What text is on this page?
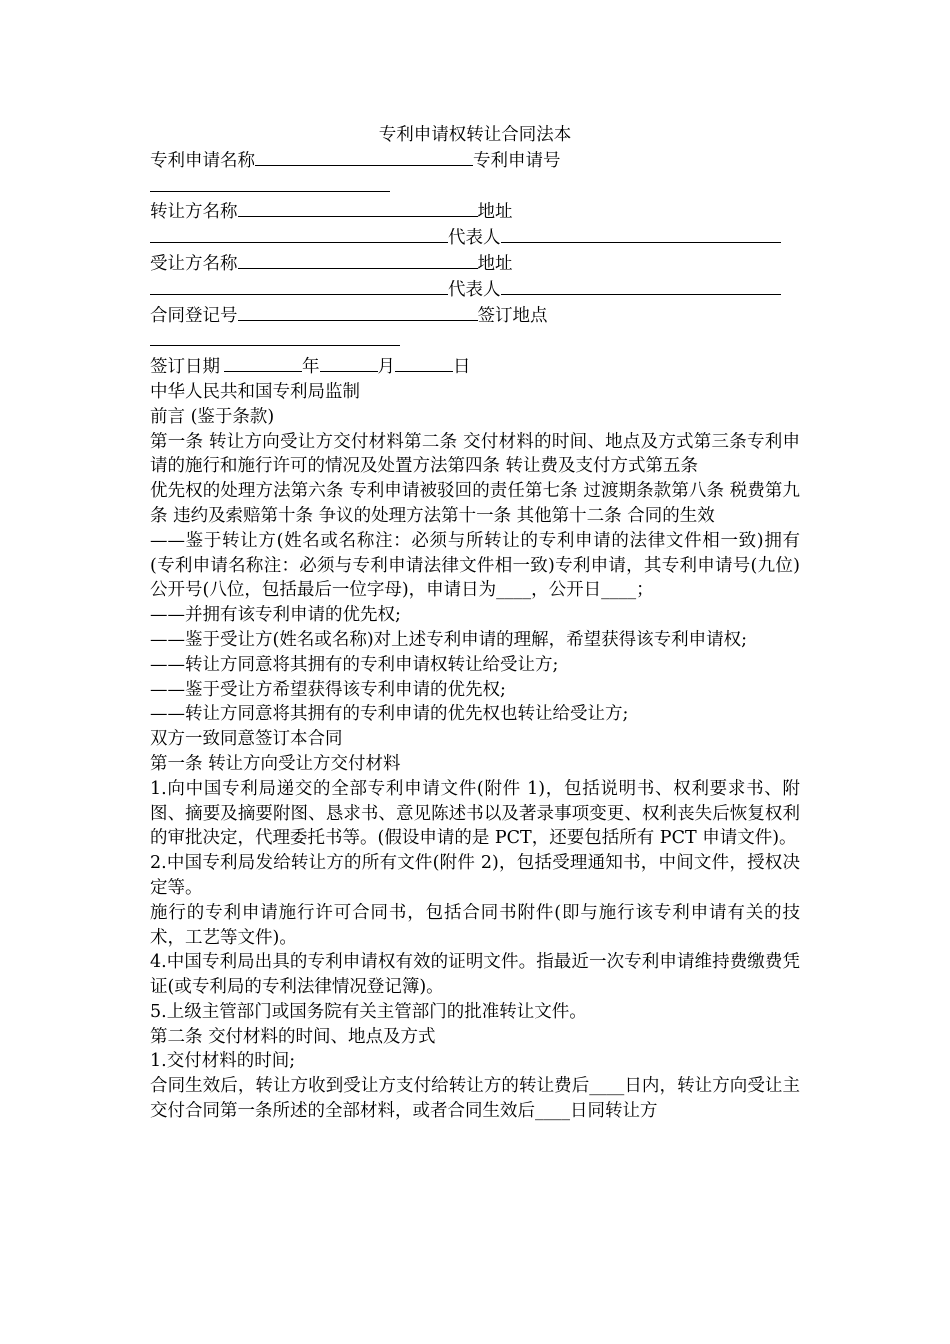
专利申请权转让合同法本
专利申请名称	专利申请号
转让方名称	地址
代表人
受让方名称	地址
代表人
合同登记号	签订地点
签订日期	年	月	日
中华人民共和国专利局监制
前言 (鉴于条款)
第一条 转让方向受让方交付材料第二条 交付材料的时间、地点及方式第三条专利申请的施行和施行许可的情况及处置方法第四条 转让费及支付方式第五条
优先权的处理方法第六条 专利申请被驳回的责任第七条 过渡期条款第八条 税费第九条 违约及索赔第十条 争议的处理方法第十一条 其他第十二条 合同的生效
——鉴于转让方(姓名或名称注：必须与所转让的专利申请的法律文件相一致)拥有(专利申请名称注：必须与专利申请法律文件相一致)专利申请，其专利申请号(九位)公开号(八位，包括最后一位字母)，申请日为____，公开日____；
——并拥有该专利申请的优先权;
——鉴于受让方(姓名或名称)对上述专利申请的理解，希望获得该专利申请权;
——转让方同意将其拥有的专利申请权转让给受让方;
——鉴于受让方希望获得该专利申请的优先权;
——转让方同意将其拥有的专利申请的优先权也转让给受让方;
双方一致同意签订本合同
第一条 转让方向受让方交付材料
1.向中国专利局递交的全部专利申请文件(附件 1)，包括说明书、权利要求书、附图、摘要及摘要附图、恳求书、意见陈述书以及著录事项变更、权利丧失后恢复权利的审批决定，代理委托书等。(假设申请的是 PCT，还要包括所有 PCT 申请文件)。
2.中国专利局发给转让方的所有文件(附件 2)，包括受理通知书，中间文件，授权决定等。
施行的专利申请施行许可合同书，包括合同书附件(即与施行该专利申请有关的技术，工艺等文件)。
4.中国专利局出具的专利申请权有效的证明文件。指最近一次专利申请维持费缴费凭证(或专利局的专利法律情况登记簿)。
5.上级主管部门或国务院有关主管部门的批准转让文件。
第二条 交付材料的时间、地点及方式
1.交付材料的时间;
合同生效后，转让方收到受让方支付给转让方的转让费后____日内，转让方向受让主交付合同第一条所述的全部材料，或者合同生效后____日同转让方
